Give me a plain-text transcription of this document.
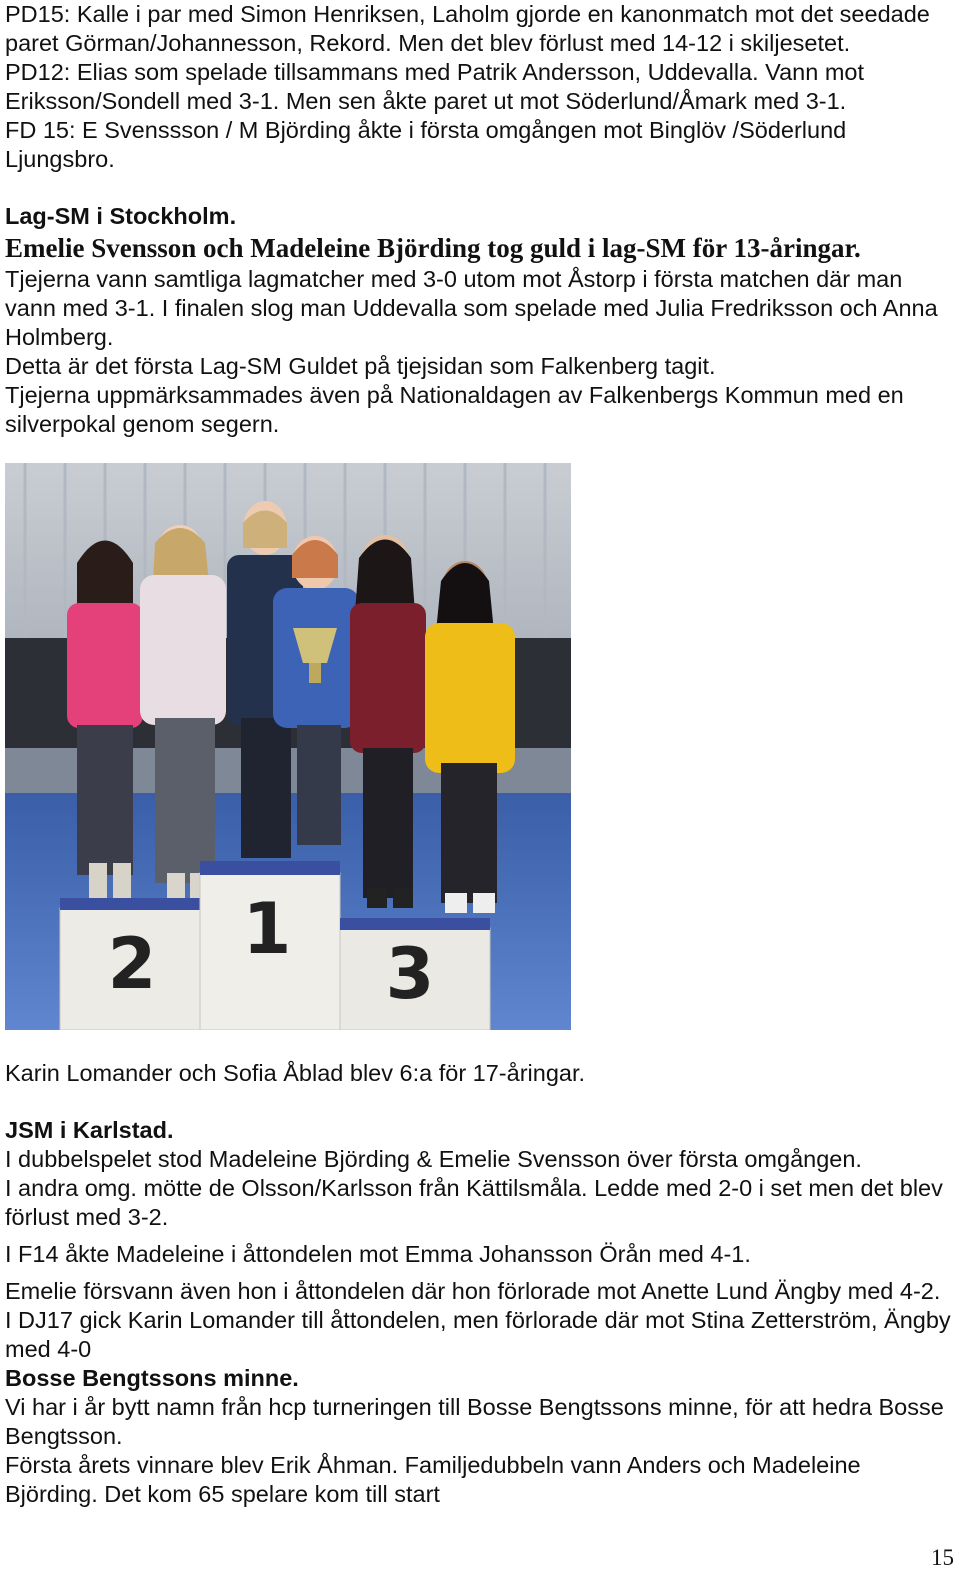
PD15: Kalle i par med Simon Henriksen, Laholm gjorde en kanonmatch mot det seedade paret Görman/Johannesson, Rekord. Men det blev förlust med 14-12 i skiljesetet.

PD12: Elias som spelade tillsammans med Patrik Andersson, Uddevalla. Vann mot Eriksson/Sondell med 3-1. Men sen åkte paret ut mot Söderlund/Åmark med 3-1.

FD 15: E Svenssson / M Björding åkte i första omgången mot Binglöv /Söderlund Ljungsbro.

Lag-SM i Stockholm.

Emelie Svensson och Madeleine Björding tog guld i lag-SM för 13-åringar.

Tjejerna vann samtliga lagmatcher med 3-0 utom mot Åstorp i första matchen där man vann med 3-1. I finalen slog man Uddevalla som spelade med Julia Fredriksson och Anna Holmberg.

Detta är det första Lag-SM Guldet på tjejsidan som Falkenberg tagit.

Tjejerna uppmärksammades även på Nationaldagen av Falkenbergs Kommun med en silverpokal genom segern.

2 1
3

Karin Lomander och Sofia Åblad blev 6:a för 17-åringar.

JSM i Karlstad.

I dubbelspelet stod Madeleine Björding & Emelie Svensson över första omgången.

I andra omg. mötte de Olsson/Karlsson från Kättilsmåla. Ledde med 2-0 i set men det blev förlust med 3-2.

I F14 åkte Madeleine i åttondelen mot Emma Johansson Örån med 4-1.

Emelie försvann även hon i åttondelen där hon förlorade mot Anette Lund Ängby med 4-2.

I DJ17 gick Karin Lomander till åttondelen, men förlorade där mot Stina Zetterström, Ängby med 4-0

Bosse Bengtssons minne.

Vi har i år bytt namn från hcp turneringen till Bosse Bengtssons minne, för att hedra Bosse Bengtsson.

Första årets vinnare blev Erik Åhman. Familjedubbeln vann Anders och Madeleine Björding. Det kom 65 spelare kom till start

15
